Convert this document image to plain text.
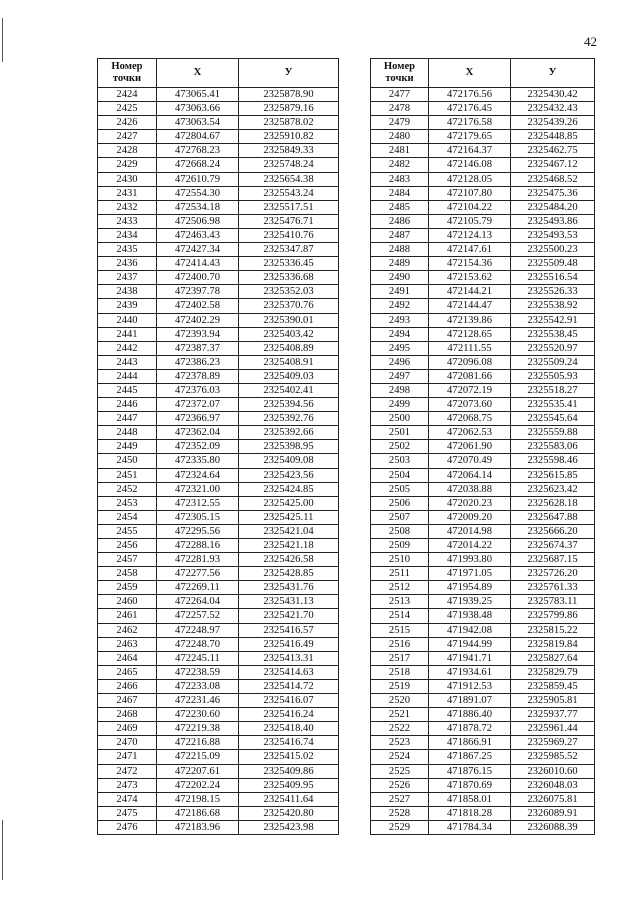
42
Номер
точки	X	У
2424	473065.41	2325878.90
2425	473063.66	2325879.16
2426	473063.54	2325878.02
2427	472804.67	2325910.82
2428	472768.23	2325849.33
2429	472668.24	2325748.24
2430	472610.79	2325654.38
2431	472554.30	2325543.24
2432	472534.18	2325517.51
2433	472506.98	2325476.71
2434	472463.43	2325410.76
2435	472427.34	2325347.87
2436	472414.43	2325336.45
2437	472400.70	2325336.68
2438	472397.78	2325352.03
2439	472402.58	2325370.76
2440	472402.29	2325390.01
2441	472393.94	2325403.42
2442	472387.37	2325408.89
2443	472386.23	2325408.91
2444	472378.89	2325409.03
2445	472376.03	2325402.41
2446	472372.07	2325394.56
2447	472366.97	2325392.76
2448	472362.04	2325392.66
2449	472352.09	2325398.95
2450	472335.80	2325409.08
2451	472324.64	2325423.56
2452	472321.00	2325424.85
2453	472312.55	2325425.00
2454	472305.15	2325425.11
2455	472295.56	2325421.04
2456	472288.16	2325421.18
2457	472281.93	2325426.58
2458	472277.56	2325428.85
2459	472269.11	2325431.76
2460	472264.04	2325431.13
2461	472257.52	2325421.70
2462	472248.97	2325416.57
2463	472248.70	2325416.49
2464	472245.11	2325413.31
2465	472238.59	2325414.63
2466	472233.08	2325414.72
2467	472231.46	2325416.07
2468	472230.60	2325416.24
2469	472219.38	2325418.40
2470	472216.88	2325416.74
2471	472215.09	2325415.02
2472	472207.61	2325409.86
2473	472202.24	2325409.95
2474	472198.15	2325411.64
2475	472186.68	2325420.80
2476	472183.96	2325423.98
Номер
точки	X	У
2477	472176.56	2325430.42
2478	472176.45	2325432.43
2479	472176.58	2325439.26
2480	472179.65	2325448.85
2481	472164.37	2325462.75
2482	472146.08	2325467.12
2483	472128.05	2325468.52
2484	472107.80	2325475.36
2485	472104.22	2325484.20
2486	472105.79	2325493.86
2487	472124.13	2325493.53
2488	472147.61	2325500.23
2489	472154.36	2325509.48
2490	472153.62	2325516.54
2491	472144.21	2325526.33
2492	472144.47	2325538.92
2493	472139.86	2325542.91
2494	472128.65	2325538.45
2495	472111.55	2325520.97
2496	472096.08	2325509.24
2497	472081.66	2325505.93
2498	472072.19	2325518.27
2499	472073.60	2325535.41
2500	472068.75	2325545.64
2501	472062.53	2325559.88
2502	472061.90	2325583.06
2503	472070.49	2325598.46
2504	472064.14	2325615.85
2505	472038.88	2325623.42
2506	472020.23	2325628.18
2507	472009.20	2325647.88
2508	472014.98	2325666.20
2509	472014.22	2325674.37
2510	471993.80	2325687.15
2511	471971.05	2325726.20
2512	471954.89	2325761.33
2513	471939.25	2325783.11
2514	471938.48	2325799.86
2515	471942.08	2325815.22
2516	471944.99	2325819.84
2517	471941.71	2325827.64
2518	471934.61	2325829.79
2519	471912.53	2325859.45
2520	471891.07	2325905.81
2521	471886.40	2325937.77
2522	471878.72	2325961.44
2523	471866.91	2325969.27
2524	471867.25	2325985.52
2525	471876.15	2326010.60
2526	471870.69	2326048.03
2527	471858.01	2326075.81
2528	471818.28	2326089.91
2529	471784.34	2326088.39
